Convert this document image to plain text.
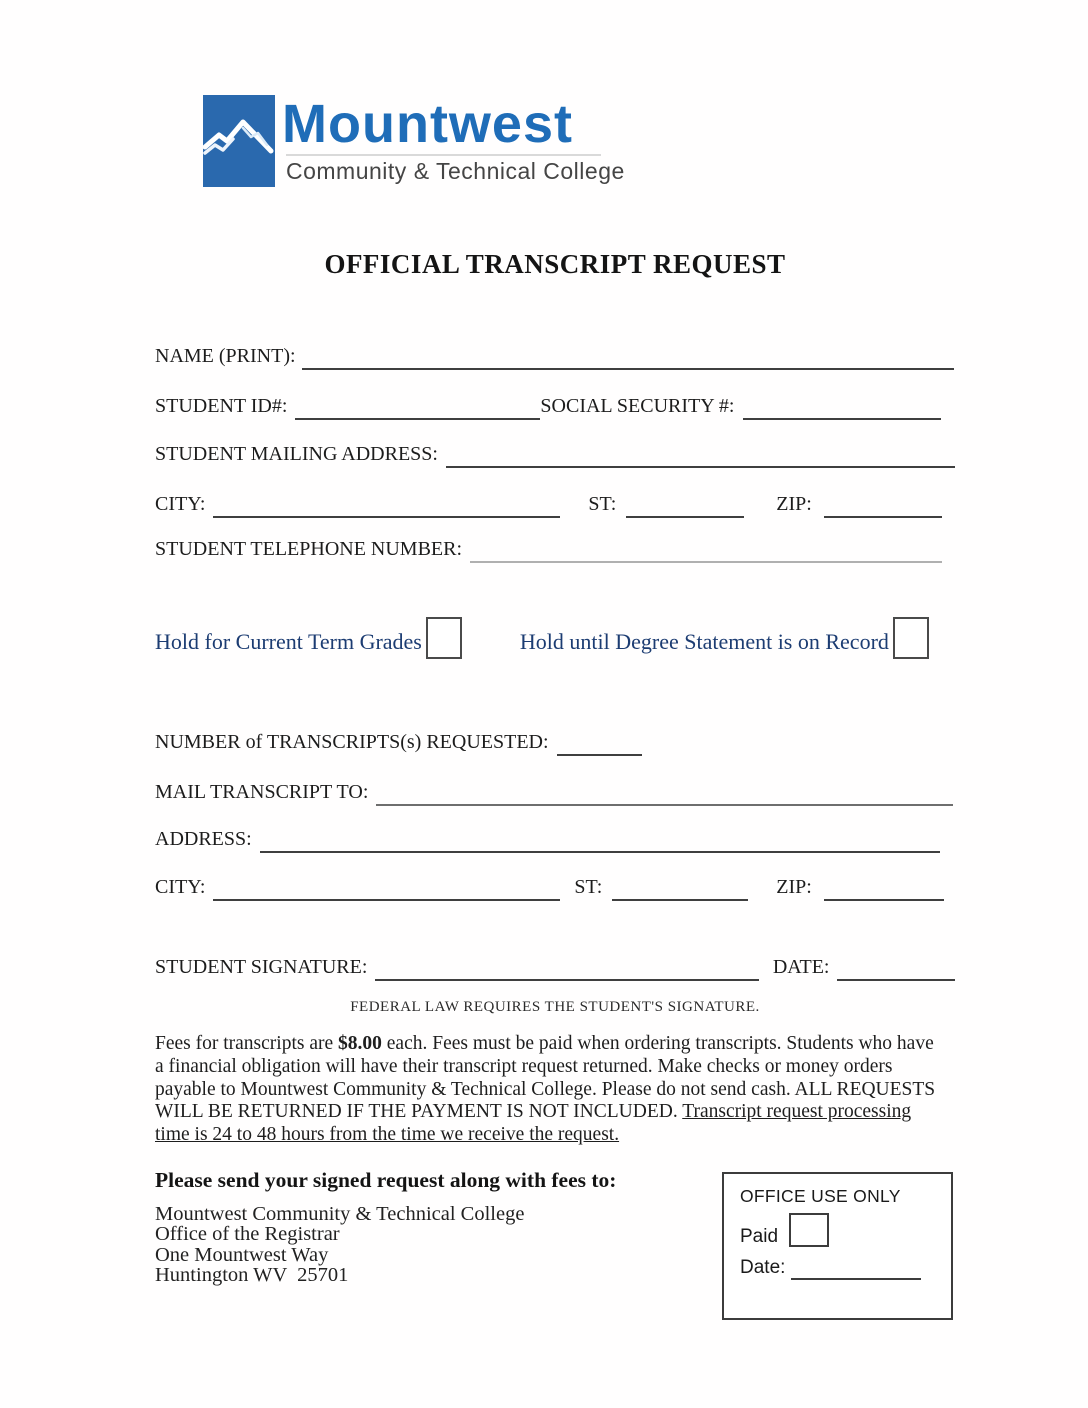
Mountwest
Community & Technical College
OFFICIAL TRANSCRIPT REQUEST
NAME (PRINT):
STUDENT ID#:	SOCIAL SECURITY #:
STUDENT MAILING ADDRESS:
CITY:	ST:	ZIP:
STUDENT TELEPHONE NUMBER:
Hold for Current Term Grades	Hold until Degree Statement is on Record
NUMBER of TRANSCRIPTS(s) REQUESTED:
MAIL TRANSCRIPT TO:
ADDRESS:
CITY:	ST:	ZIP:
STUDENT SIGNATURE:	DATE:
FEDERAL LAW REQUIRES THE STUDENT'S SIGNATURE.
Fees for transcripts are $8.00 each. Fees must be paid when ordering transcripts. Students who have a financial obligation will have their transcript request returned. Make checks or money orders payable to Mountwest Community & Technical College. Please do not send cash. ALL REQUESTS WILL BE RETURNED IF THE PAYMENT IS NOT INCLUDED. Transcript request processing time is 24 to 48 hours from the time we receive the request.
Please send your signed request along with fees to:
Mountwest Community & Technical College
Office of the Registrar
One Mountwest Way
Huntington WV  25701
OFFICE USE ONLY
Paid
Date:
